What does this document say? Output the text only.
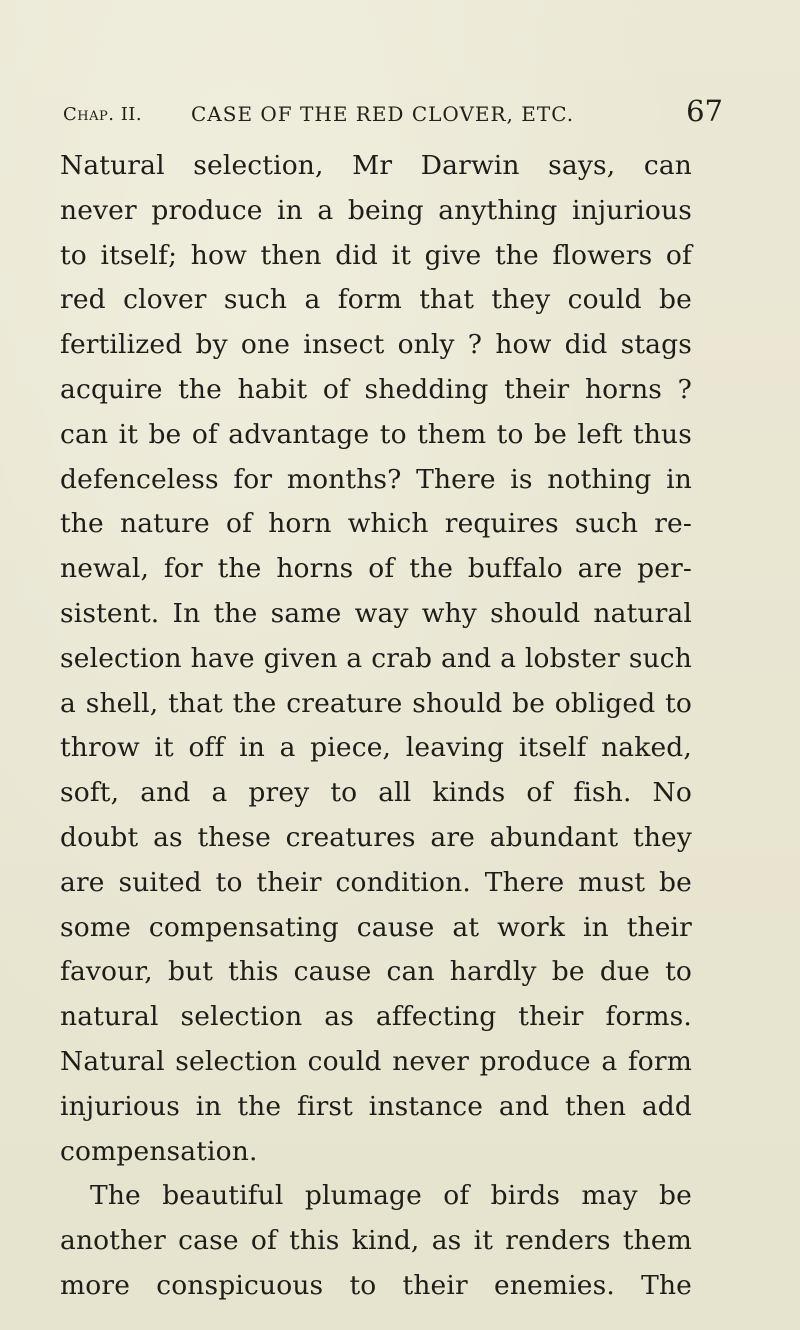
Chap. II. CASE OF THE RED CLOVER, ETC.	67
Natural selection, Mr Darwin says, can
never produce in a being anything injurious
to itself; how then did it give the flowers of
red clover such a form that they could be
fertilized by one insect only ? how did stags
acquire the habit of shedding their horns ?
can it be of advantage to them to be left thus
defenceless for months? There is nothing in
the nature of horn which requires such re-
newal, for the horns of the buffalo are per-
sistent. In the same way why should natural
selection have given a crab and a lobster such
a shell, that the creature should be obliged to
throw it off in a piece, leaving itself naked,
soft, and a prey to all kinds of fish. No
doubt as these creatures are abundant they
are suited to their condition. There must be
some compensating cause at work in their
favour, but this cause can hardly be due to
natural selection as affecting their forms.
Natural selection could never produce a form
injurious in the first instance and then add
compensation.
The beautiful plumage of birds may be
another case of this kind, as it renders them
more conspicuous to their enemies. The
